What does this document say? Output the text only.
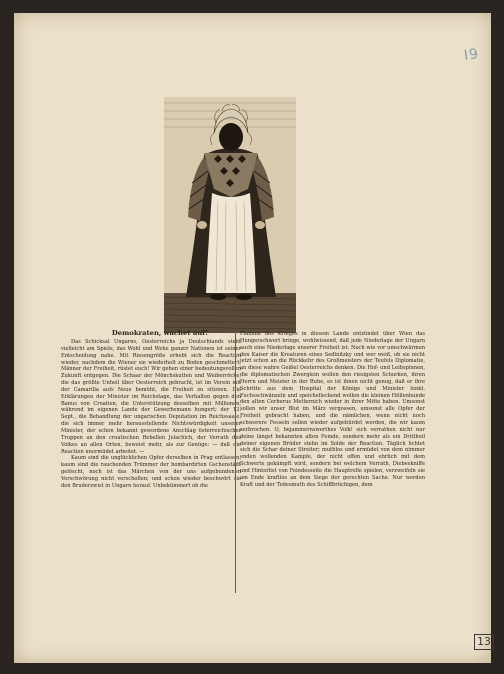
I9
Demokraten, wachet auf!

Das Schicksal Ungarns, Oesterreichs ja Deutschlands steht vielleicht am Spiele, das Wohl und Wehe ganzer Nationen ist seiner Entscheidung nahe. Mit Riesengröße erhebt sich die Reaction wieder, nachdem die Wiener sie wiederholt zu Boden geschmettert, Männer der Freiheit, rüstet euch! Wir gehen einer bedeutungsvollen Zukunft entgegen. Die Schaar der Mönchskutten und Weiberröcke, die das größte Unheil über Oesterreich gebracht, ist im Verein mit der Camarilla aufs Neue bemüht, die Freiheit zu stürzen. Die Erklärungen der Minister im Reichstage, das Verhalten gegen den Banus von Croatien, die Unterstützung desselben mit Millionen, während im eigenen Lande der Gewerbsmann hungert; der 13. Sept., die Behandlung der ungarischen Deputation im Reichssaale, die sich immer mehr herausstellende Nichtswürdigkeit unserer Minister, der schon bekannt gewordene Anschlag österreichischer Truppen an den croatischen Rebellen Jelachich, der Verrath des Volkes an allen Orten, beweist mehr, als zur Genüge: — daß die Reaction unermüdet arbeitet. —

Kaum sind die unglücklichen Opfer derselben in Prag entlassen, kaum sind die rauchenden Trümmer der bombardirten Gschenstädt gelöscht, noch ist das Märchen von der uns aufgebundenen Verschwörung nicht verschollen; und schon wieder beschwört sie den Bruderzwist in Ungarn herauf. Unbekümmert ob die

Flamme des Krieges in diesem Lande entzündet über Wien das Hungerschwert bringe, wohlwissend, daß jede Niederlage der Ungarn auch eine Niederlage unserer Freiheit ist. Noch wie vor umschwärmen den Kaiser die Kreaturen eines Sedlnitzky und wer weiß, ob sie nicht jetzt schon an die Rückkehr des Großmeisters der Teufels Diplomatie, an diese wahre Geißel Oesterreichs denken. Die Hof- und Leibspinnen, die diplomatischen Zwerglein wollen den riesigsten Schurken, ihren Herrn und Meister in der Ruhe, es ist ihnen nicht genug, daß er ihre Schritte aus dem Hospital der Könige und Minister lenkt. Fuchsschwänzeln und speichelleckend wollen die kleinen Höllenhunde den alten Cerberus Metternich wieder in ihrer Mitte haben. Umsonst sollen wir unser Blut im März vergossen, umsonst alle Opfer der Freiheit gebracht haben, und die nämlichen, wenn nicht noch schwerere Fesseln sollen wieder aufgebürdet werden, die wir kaum zerbrochen. O, bejammernswerthes Volk! sich verrathen nicht nur deine längst bekannten alten Feinde, sondern mehr als ein Drittheil deiner eigenen Brüder stehn im Solde der Reaction. Täglich lichtet sich die Schar deiner Streiter; muthlos und ermüdet von dem nimmer enden wollenden Kampfe, der nicht offen und ehrlich mit dem Schwerte gekämpft wird, sondern bei welchem Verrath, Diebeskniffe und Hinterlist von Feindesseite die Hauptrolle spielen, verzweifeln sie am Ende kraftlos an dem Siege der gerechten Sache. Nur werden Kraft und der Todesmuth des Schiffbrüchigen, dem

13
